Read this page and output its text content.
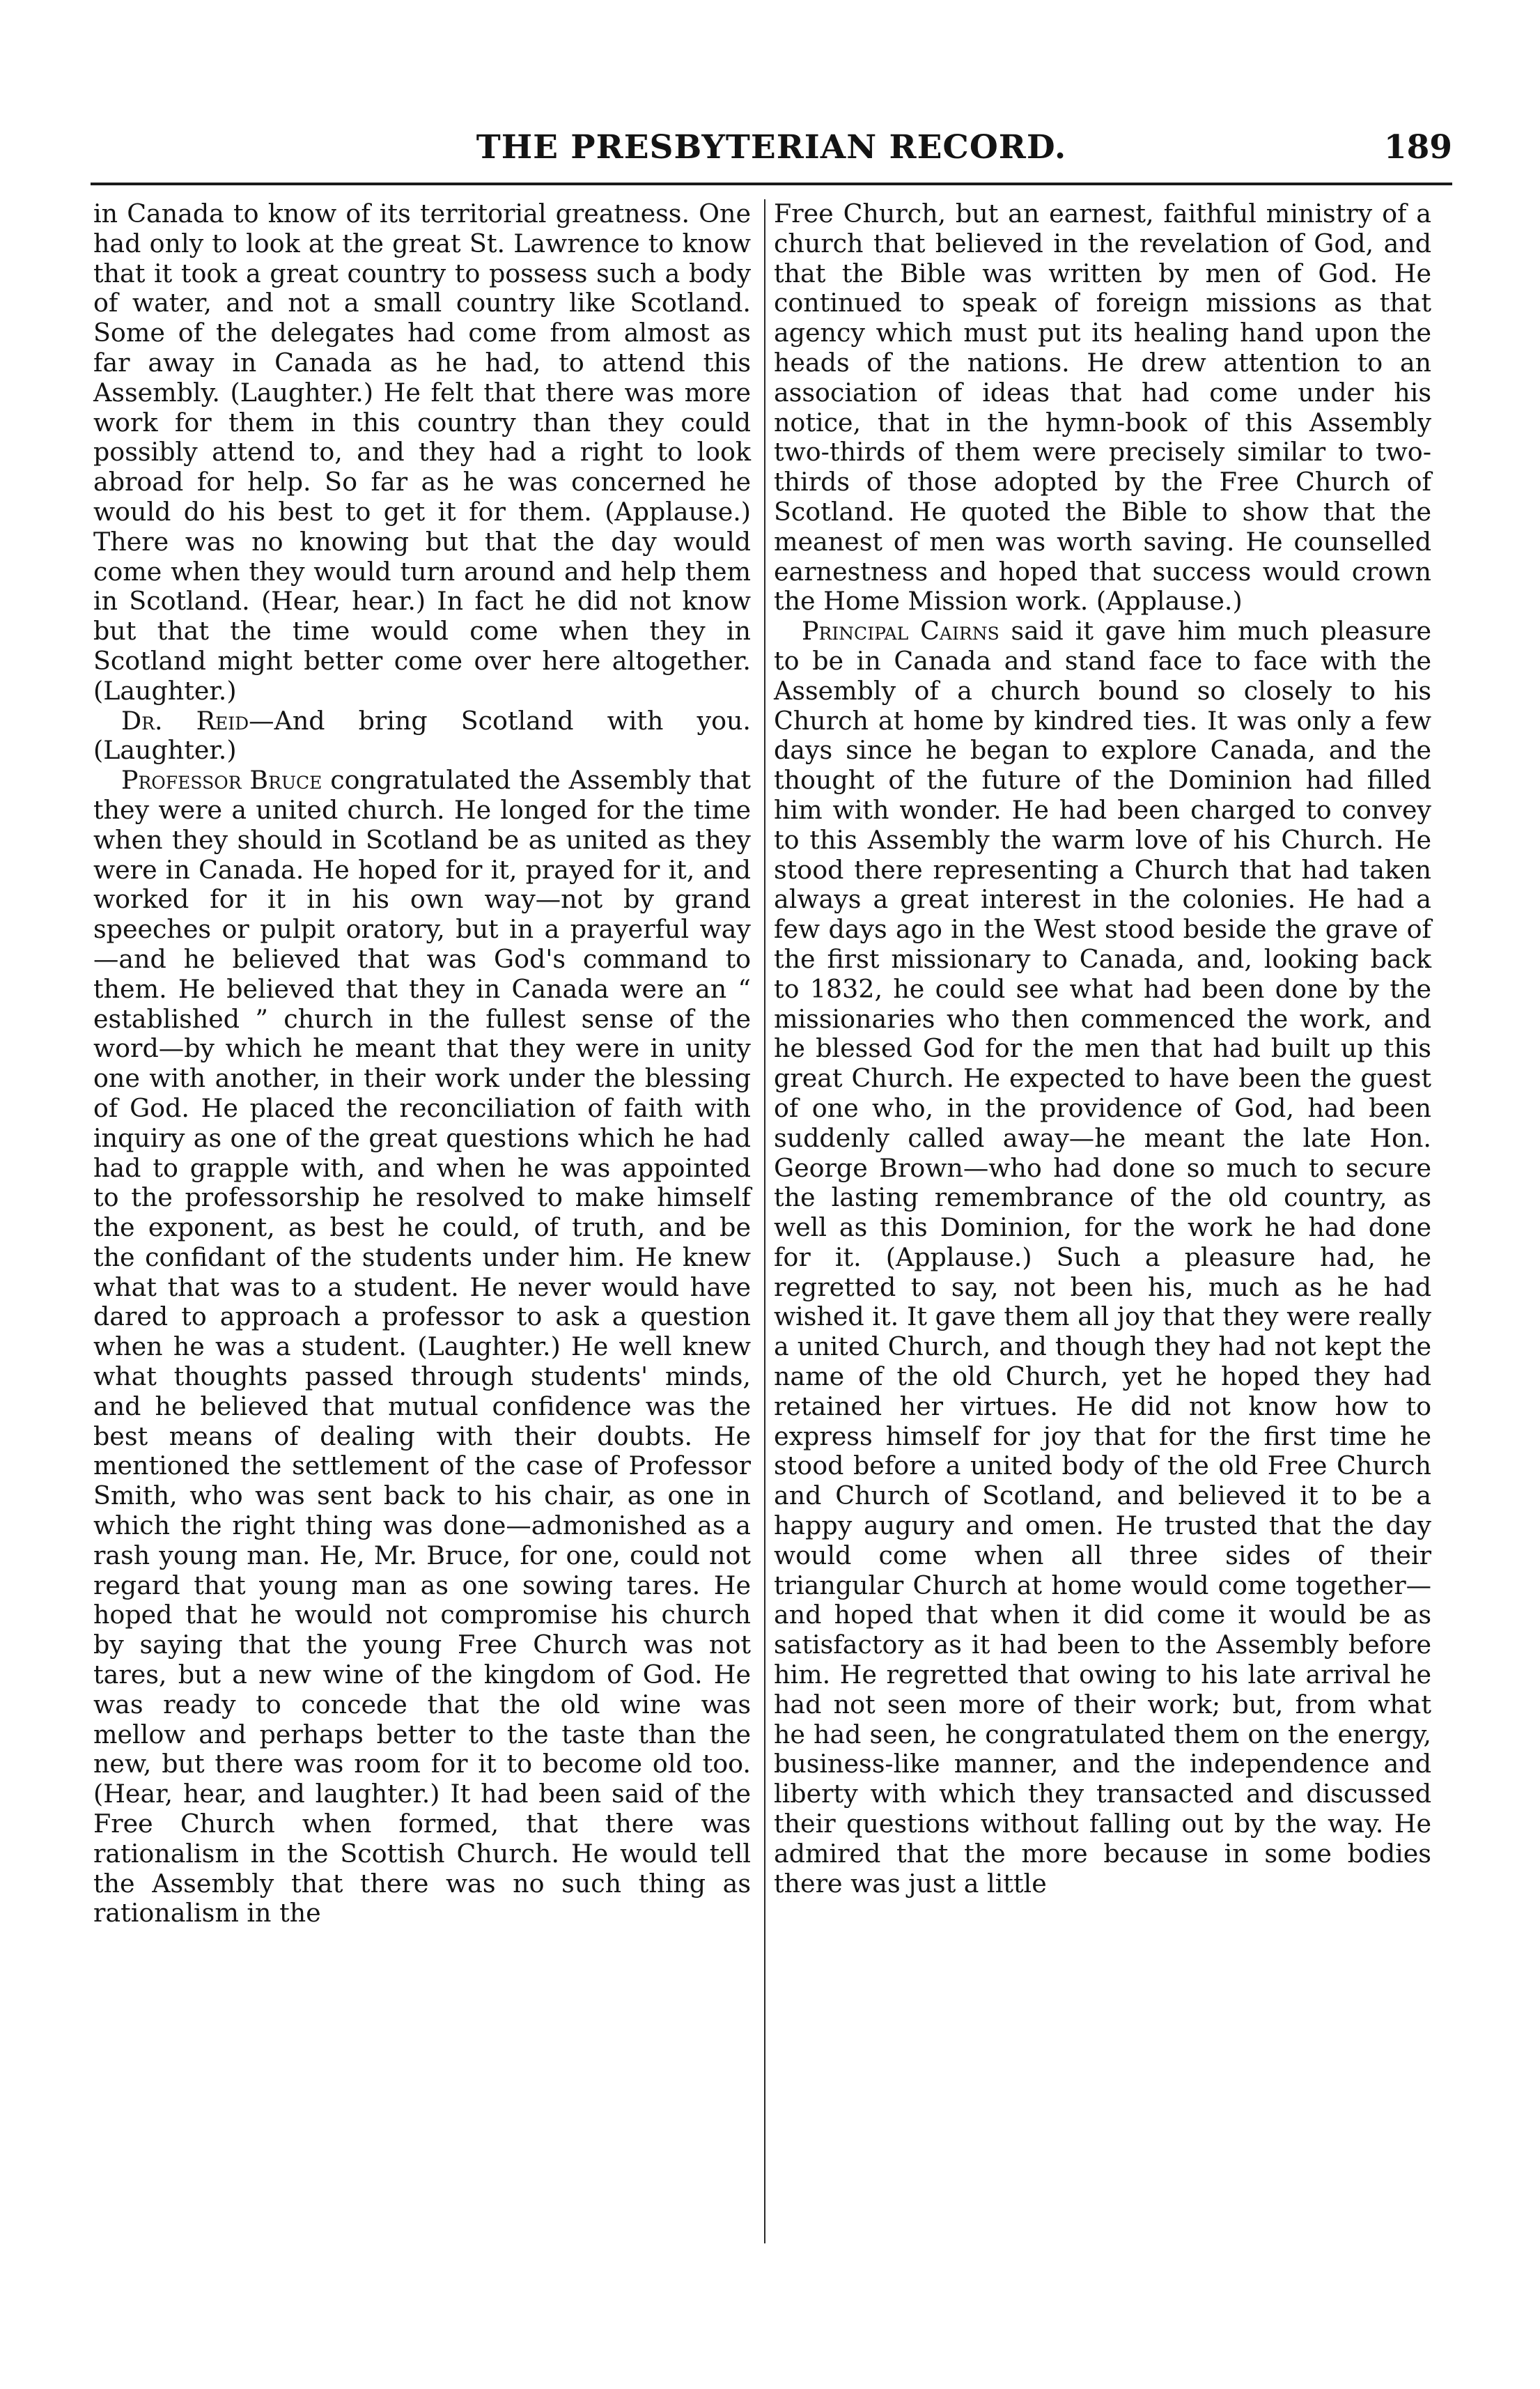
THE PRESBYTERIAN RECORD.	189

in Canada to know of its territorial greatness. One had only to look at the great St. Lawrence to know that it took a great country to possess such a body of water, and not a small country like Scotland. Some of the delegates had come from almost as far away in Canada as he had, to attend this Assembly. (Laughter.) He felt that there was more work for them in this country than they could possibly attend to, and they had a right to look abroad for help. So far as he was concerned he would do his best to get it for them. (Applause.) There was no knowing but that the day would come when they would turn around and help them in Scotland. (Hear, hear.) In fact he did not know but that the time would come when they in Scotland might better come over here altogether. (Laughter.)

Dr. Reid—And bring Scotland with you. (Laughter.)

Professor Bruce congratulated the Assembly that they were a united church. He longed for the time when they should in Scotland be as united as they were in Canada. He hoped for it, prayed for it, and worked for it in his own way—not by grand speeches or pulpit oratory, but in a prayerful way—and he believed that was God's command to them. He believed that they in Canada were an “ established ” church in the fullest sense of the word—by which he meant that they were in unity one with another, in their work under the blessing of God. He placed the reconciliation of faith with inquiry as one of the great questions which he had had to grapple with, and when he was appointed to the professorship he resolved to make himself the exponent, as best he could, of truth, and be the confidant of the students under him. He knew what that was to a student. He never would have dared to approach a professor to ask a question when he was a student. (Laughter.) He well knew what thoughts passed through students' minds, and he believed that mutual confidence was the best means of dealing with their doubts. He mentioned the settlement of the case of Professor Smith, who was sent back to his chair, as one in which the right thing was done—admonished as a rash young man. He, Mr. Bruce, for one, could not regard that young man as one sowing tares. He hoped that he would not compromise his church by saying that the young Free Church was not tares, but a new wine of the kingdom of God. He was ready to concede that the old wine was mellow and perhaps better to the taste than the new, but there was room for it to become old too. (Hear, hear, and laughter.) It had been said of the Free Church when formed, that there was rationalism in the Scottish Church. He would tell the Assembly that there was no such thing as rationalism in the

Free Church, but an earnest, faithful ministry of a church that believed in the revelation of God, and that the Bible was written by men of God. He continued to speak of foreign missions as that agency which must put its healing hand upon the heads of the nations. He drew attention to an association of ideas that had come under his notice, that in the hymn-book of this Assembly two-thirds of them were precisely similar to two-thirds of those adopted by the Free Church of Scotland. He quoted the Bible to show that the meanest of men was worth saving. He counselled earnestness and hoped that success would crown the Home Mission work. (Applause.)

Principal Cairns said it gave him much pleasure to be in Canada and stand face to face with the Assembly of a church bound so closely to his Church at home by kindred ties. It was only a few days since he began to explore Canada, and the thought of the future of the Dominion had filled him with wonder. He had been charged to convey to this Assembly the warm love of his Church. He stood there representing a Church that had taken always a great interest in the colonies. He had a few days ago in the West stood beside the grave of the first missionary to Canada, and, looking back to 1832, he could see what had been done by the missionaries who then commenced the work, and he blessed God for the men that had built up this great Church. He expected to have been the guest of one who, in the providence of God, had been suddenly called away—he meant the late Hon. George Brown—who had done so much to secure the lasting remembrance of the old country, as well as this Dominion, for the work he had done for it. (Applause.) Such a pleasure had, he regretted to say, not been his, much as he had wished it. It gave them all joy that they were really a united Church, and though they had not kept the name of the old Church, yet he hoped they had retained her virtues. He did not know how to express himself for joy that for the first time he stood before a united body of the old Free Church and Church of Scotland, and believed it to be a happy augury and omen. He trusted that the day would come when all three sides of their triangular Church at home would come together—and hoped that when it did come it would be as satisfactory as it had been to the Assembly before him. He regretted that owing to his late arrival he had not seen more of their work; but, from what he had seen, he congratulated them on the energy, business-like manner, and the independence and liberty with which they transacted and discussed their questions without falling out by the way. He admired that the more because in some bodies there was just a little
